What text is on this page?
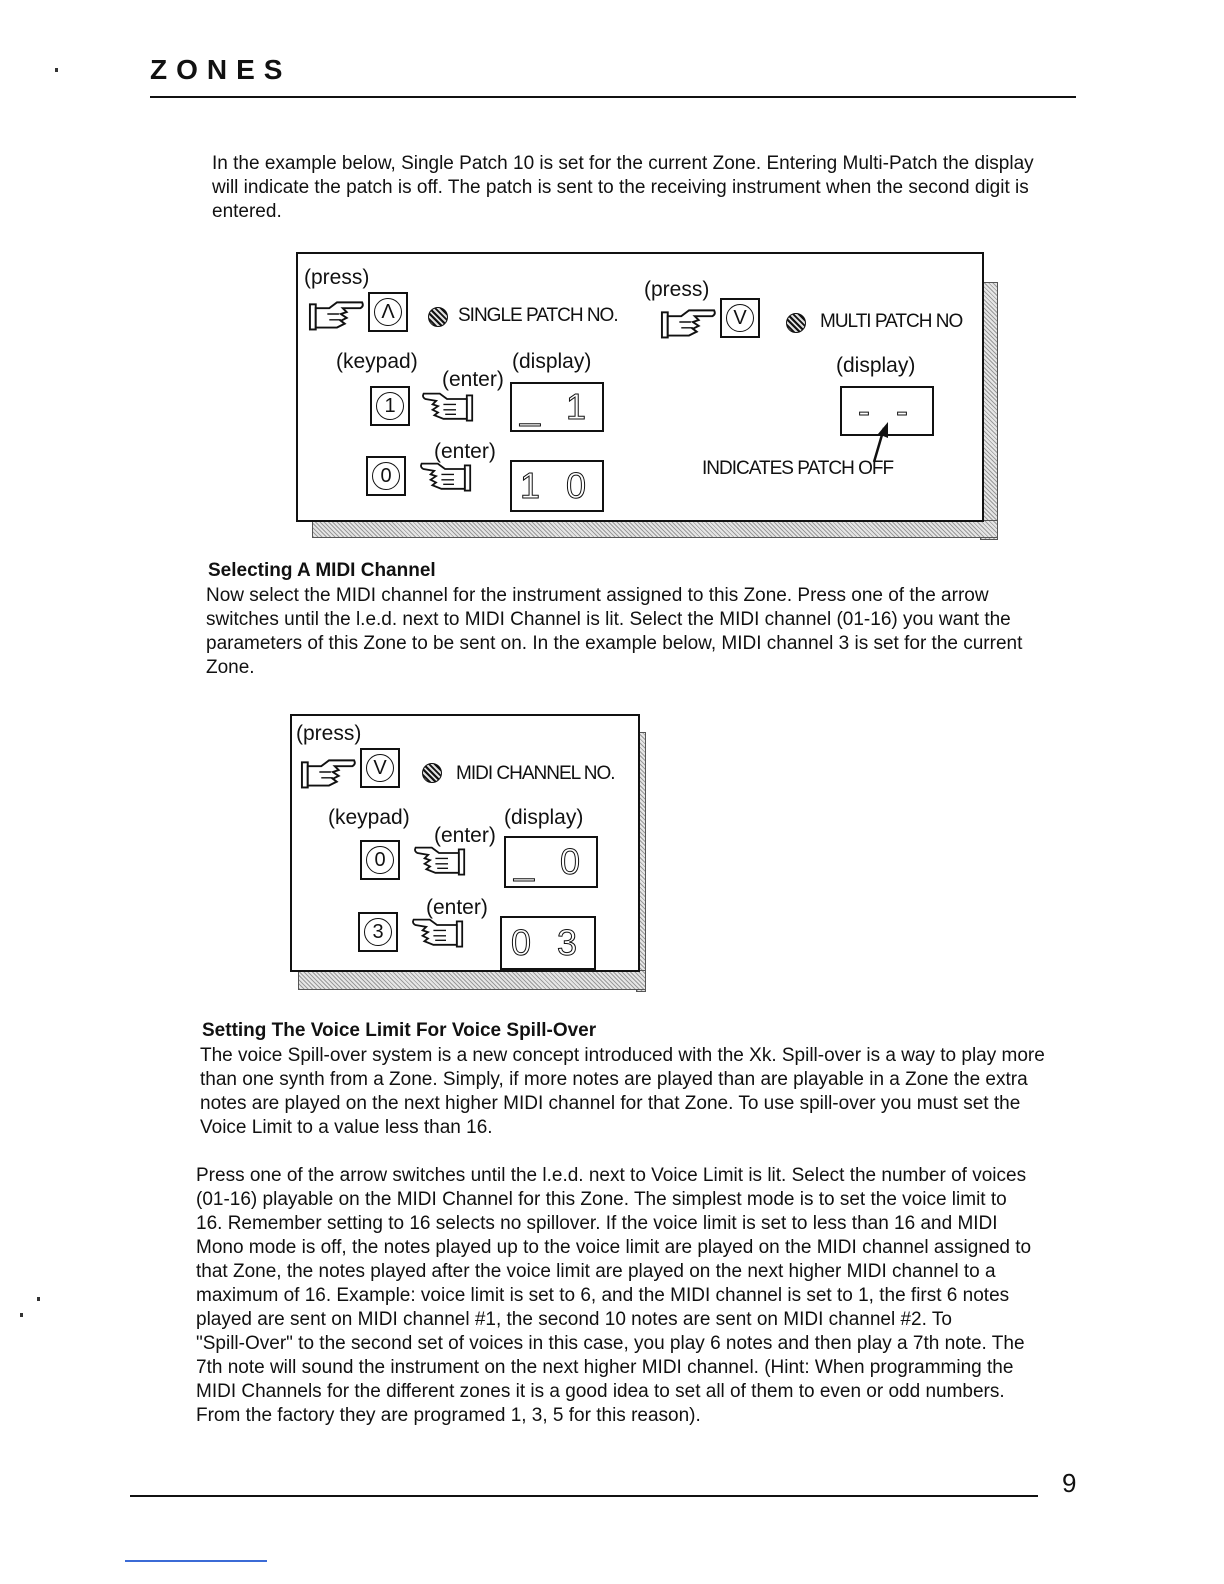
ZONES
In the example below, Single Patch 10 is set for the current Zone. Entering Multi-Patch the display
will indicate the patch is off. The patch is sent to the receiving instrument when the second digit is
entered.
(press)
Λ	SINGLE PATCH NO.
(press)
V	MULTI PATCH NO
(keypad)
(enter)
(display)	(display)
1	_ 1	- -
(enter)
0	1 0	INDICATES PATCH OFF
Selecting A MIDI Channel
Now select the MIDI channel for the instrument assigned to this Zone. Press one of the arrow
switches until the l.e.d. next to MIDI Channel is lit. Select the MIDI channel (01-16) you want the
parameters of this Zone to be sent on. In the example below, MIDI channel 3 is set for the current
Zone.
(press)
V	MIDI CHANNEL NO.
(keypad)
(enter)
(display)
0	_ 0
(enter)
3	0 3
Setting The Voice Limit For Voice Spill-Over
The voice Spill-over system is a new concept introduced with the Xk. Spill-over is a way to play more
than one synth from a Zone. Simply, if more notes are played than are playable in a Zone the extra
notes are played on the next higher MIDI channel for that Zone. To use spill-over you must set the
Voice Limit to a value less than 16.
Press one of the arrow switches until the l.e.d. next to Voice Limit is lit. Select the number of voices
(01-16) playable on the MIDI Channel for this Zone. The simplest mode is to set the voice limit to
16. Remember setting to 16 selects no spillover. If the voice limit is set to less than 16 and MIDI
Mono mode is off, the notes played up to the voice limit are played on the MIDI channel assigned to
that Zone, the notes played after the voice limit are played on the next higher MIDI channel to a
maximum of 16. Example: voice limit is set to 6, and the MIDI channel is set to 1, the first 6 notes
played are sent on MIDI channel #1, the second 10 notes are sent on MIDI channel #2. To
"Spill-Over" to the second set of voices in this case, you play 6 notes and then play a 7th note. The
7th note will sound the instrument on the next higher MIDI channel. (Hint: When programming the
MIDI Channels for the different zones it is a good idea to set all of them to even or odd numbers.
From the factory they are programed 1, 3, 5 for this reason).
9
